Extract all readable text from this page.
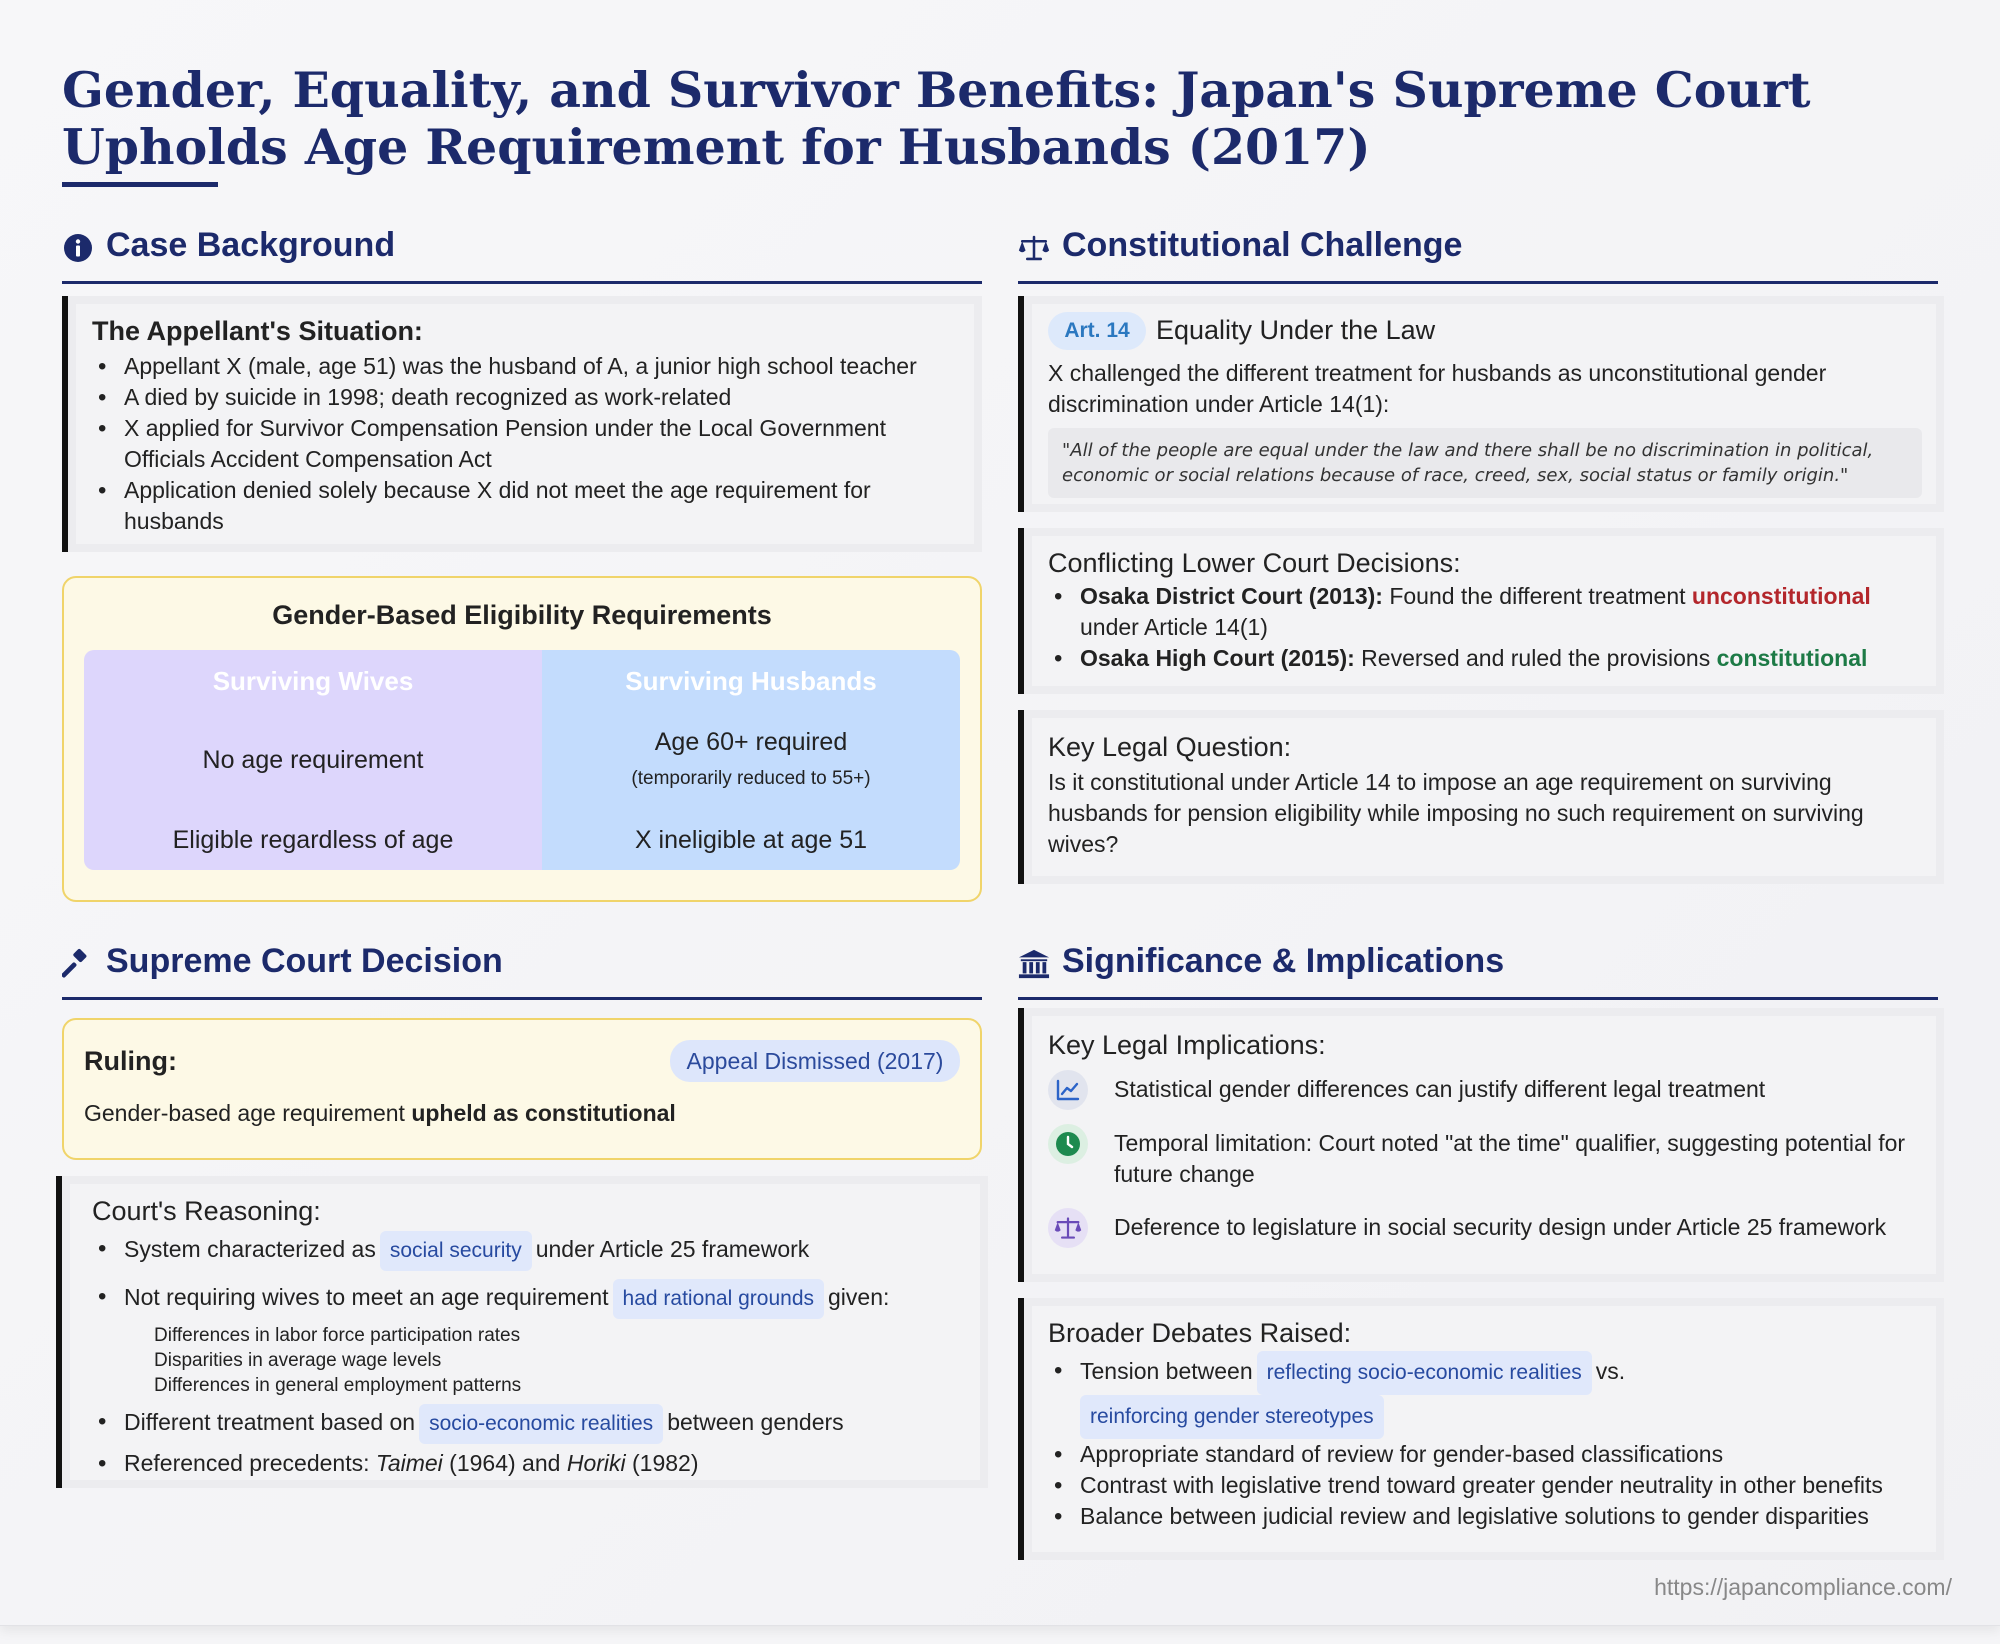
Gender, Equality, and Survivor Benefits: Japan's Supreme Court Upholds Age Requirement for Husbands (2017)
Case Background
The Appellant's Situation:
• Appellant X (male, age 51) was the husband of A, a junior high school teacher
• A died by suicide in 1998; death recognized as work-related
• X applied for Survivor Compensation Pension under the Local Government Officials Accident Compensation Act
• Application denied solely because X did not meet the age requirement for husbands
Gender-Based Eligibility Requirements
Surviving Wives
No age requirement
Eligible regardless of age
Surviving Husbands
Age 60+ required
(temporarily reduced to 55+)
X ineligible at age 51
Constitutional Challenge
Art. 14 Equality Under the Law
X challenged the different treatment for husbands as unconstitutional gender discrimination under Article 14(1):
"All of the people are equal under the law and there shall be no discrimination in political, economic or social relations because of race, creed, sex, social status or family origin."
Conflicting Lower Court Decisions:
• Osaka District Court (2013): Found the different treatment unconstitutional under Article 14(1)
• Osaka High Court (2015): Reversed and ruled the provisions constitutional
Key Legal Question:
Is it constitutional under Article 14 to impose an age requirement on surviving husbands for pension eligibility while imposing no such requirement on surviving wives?
Supreme Court Decision
Ruling:	Appeal Dismissed (2017)
Gender-based age requirement upheld as constitutional
Court's Reasoning:
• System characterized as social security under Article 25 framework
• Not requiring wives to meet an age requirement had rational grounds given:
Differences in labor force participation rates
Disparities in average wage levels
Differences in general employment patterns
• Different treatment based on socio-economic realities between genders
• Referenced precedents: Taimei (1964) and Horiki (1982)
Significance & Implications
Key Legal Implications:
Statistical gender differences can justify different legal treatment
Temporal limitation: Court noted "at the time" qualifier, suggesting potential for future change
Deference to legislature in social security design under Article 25 framework
Broader Debates Raised:
• Tension between reflecting socio-economic realities vs.
reinforcing gender stereotypes
• Appropriate standard of review for gender-based classifications
• Contrast with legislative trend toward greater gender neutrality in other benefits
• Balance between judicial review and legislative solutions to gender disparities
https://japancompliance.com/
